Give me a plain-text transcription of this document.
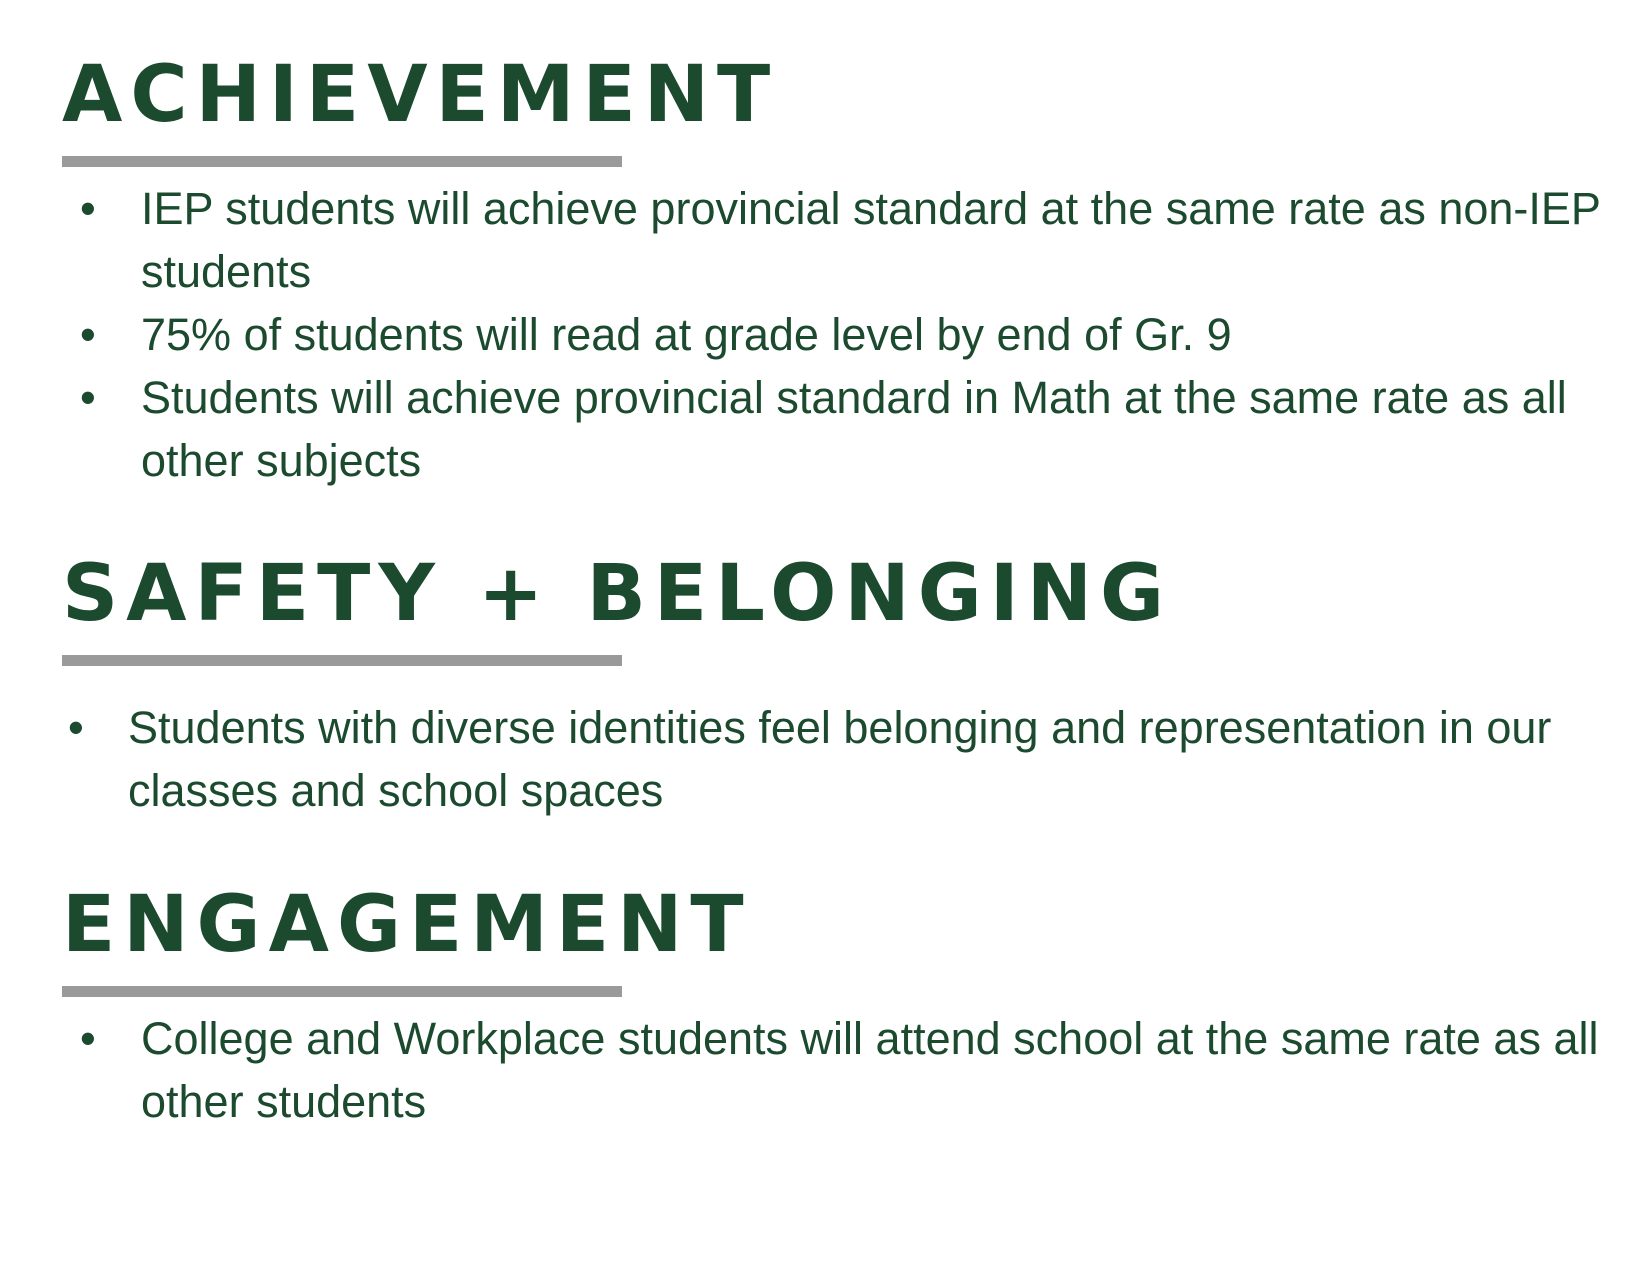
ACHIEVEMENT
• IEP students will achieve provincial standard at the same rate as non-IEP students
• 75% of students will read at grade level by end of Gr. 9
• Students will achieve provincial standard in Math at the same rate as all other subjects
SAFETY + BELONGING
• Students with diverse identities feel belonging and representation in our classes and school spaces
ENGAGEMENT
• College and Workplace students will attend school at the same rate as all other students
